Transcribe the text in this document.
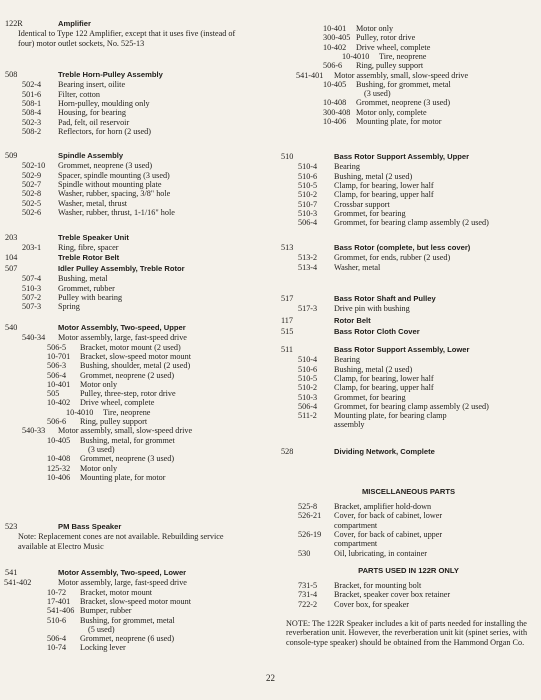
122R	Amplifier
Identical to Type 122 Amplifier, except that it uses five (instead of four) motor outlet sockets, No. 525-13
508	Treble Horn-Pulley Assembly
502-4 Bearing insert, oilite
501-6 Filter, cotton
508-1 Horn-pulley, moulding only
508-4 Housing, for bearing
502-3 Pad, felt, oil reservoir
508-2 Reflectors, for horn (2 used)
509	Spindle Assembly
502-10 Grommet, neoprene (3 used)
502-9 Spacer, spindle mounting (3 used)
502-7 Spindle without mounting plate
502-8 Washer, rubber, spacing, 3/8" hole
502-5 Washer, metal, thrust
502-6 Washer, rubber, thrust, 1-1/16" hole
203	Treble Speaker Unit
203-1 Ring, fibre, spacer
104	Treble Rotor Belt
507	Idler Pulley Assembly, Treble Rotor
507-4 Bushing, metal
510-3 Grommet, rubber
507-2 Pulley with bearing
507-3 Spring
540	Motor Assembly, Two-speed, Upper
540-34 Motor assembly, large, fast-speed drive
506-5 Bracket, motor mount (2 used)
10-701 Bracket, slow-speed motor mount
506-3 Bushing, shoulder, metal (2 used)
506-4 Grommet, neoprene (2 used)
10-401 Motor only
505	Pulley, three-step, rotor drive
10-402 Drive wheel, complete
10-4010 Tire, neoprene
506-6 Ring, pulley support
540-33 Motor assembly, small, slow-speed drive
10-405 Bushing, metal, for grommet
(3 used)
10-408 Grommet, neoprene (3 used)
125-32 Motor only
10-406 Mounting plate, for motor
523	PM Bass Speaker
Note: Replacement cones are not available. Rebuilding service available at Electro Music
541	Motor Assembly, Two-speed, Lower
541-402	Motor assembly, large, fast-speed drive
10-72 Bracket, motor mount
17-401 Bracket, slow-speed motor mount
541-406 Bumper, rubber
510-6 Bushing, for grommet, metal
(5 used)
506-4 Grommet, neoprene (6 used)
10-74 Locking lever
MISCELLANEOUS PARTS
525-8 Bracket, amplifier hold-down
526-21 Cover, for back of cabinet, lower
compartment
526-19 Cover, for back of cabinet, upper
compartment
530	Oil, lubricating, in container
PARTS USED IN 122R ONLY
731-5 Bracket, for mounting bolt
731-4 Bracket, speaker cover box retainer
722-2 Cover box, for speaker
NOTE: The 122R Speaker includes a kit of parts needed for installing the reverberation unit. However, the reverberation unit kit (spinet series, with console-type speaker) should be obtained from the Hammond Organ Co.
10-401 Motor only
300-405 Pulley, rotor drive
10-402 Drive wheel, complete
10-4010 Tire, neoprene
506-6 Ring, pulley support
541-401 Motor assembly, small, slow-speed drive
10-405 Bushing, for grommet, metal
(3 used)
10-408 Grommet, neoprene (3 used)
300-408 Motor only, complete
10-406 Mounting plate, for motor
510	Bass Rotor Support Assembly, Upper
510-4 Bearing
510-6 Bushing, metal (2 used)
510-5 Clamp, for bearing, lower half
510-2 Clamp, for bearing, upper half
510-7 Crossbar support
510-3 Grommet, for bearing
506-4 Grommet, for bearing clamp assembly (2 used)
513	Bass Rotor (complete, but less cover)
513-2 Grommet, for ends, rubber (2 used)
513-4 Washer, metal
517	Bass Rotor Shaft and Pulley
517-3 Drive pin with bushing
117	Rotor Belt
515	Bass Rotor Cloth Cover
511	Bass Rotor Support Assembly, Lower
510-4 Bearing
510-6 Bushing, metal (2 used)
510-5 Clamp, for bearing, lower half
510-2 Clamp, for bearing, upper half
510-3 Grommet, for bearing
506-4 Grommet, for bearing clamp assembly (2 used)
511-2 Mounting plate, for bearing clamp
assembly
528	Dividing Network, Complete
22
